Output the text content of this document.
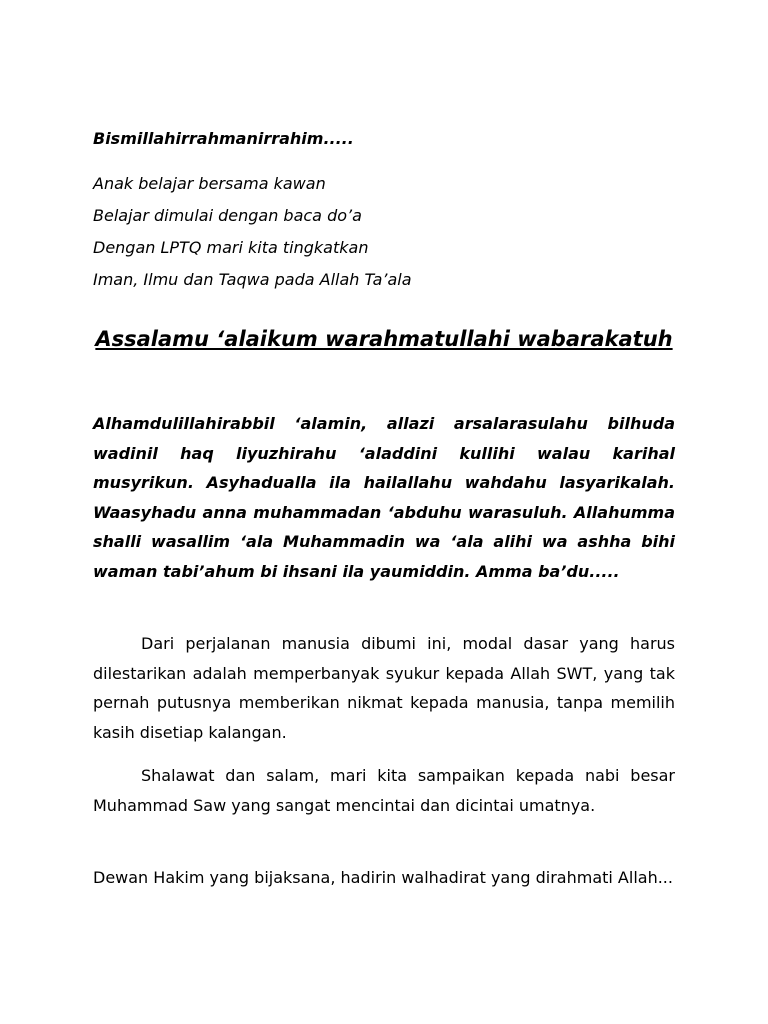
Bismillahirrahmanirrahim.....
Anak belajar bersama kawan
Belajar dimulai dengan baca do’a
Dengan LPTQ mari kita tingkatkan
Iman, Ilmu dan Taqwa pada Allah Ta’ala
Assalamu ‘alaikum warahmatullahi wabarakatuh

Alhamdulillahirabbil ‘alamin, allazi arsalarasulahu bilhuda wadinil haq liyuzhirahu ‘aladdini kullihi walau karihal musyrikun. Asyhadualla ila hailallahu wahdahu lasyarikalah. Waasyhadu anna muhammadan ‘abduhu warasuluh. Allahumma shalli wasallim ‘ala Muhammadin wa ‘ala alihi wa ashha bihi waman tabi’ahum bi ihsani ila yaumiddin. Amma ba’du.....

Dari perjalanan manusia dibumi ini, modal dasar yang harus dilestarikan adalah memperbanyak syukur kepada Allah SWT, yang tak pernah putusnya memberikan nikmat kepada manusia, tanpa memilih kasih disetiap kalangan.

Shalawat dan salam, mari kita sampaikan kepada nabi besar Muhammad Saw yang sangat mencintai dan dicintai umatnya.

Dewan Hakim yang bijaksana, hadirin walhadirat yang dirahmati Allah...
